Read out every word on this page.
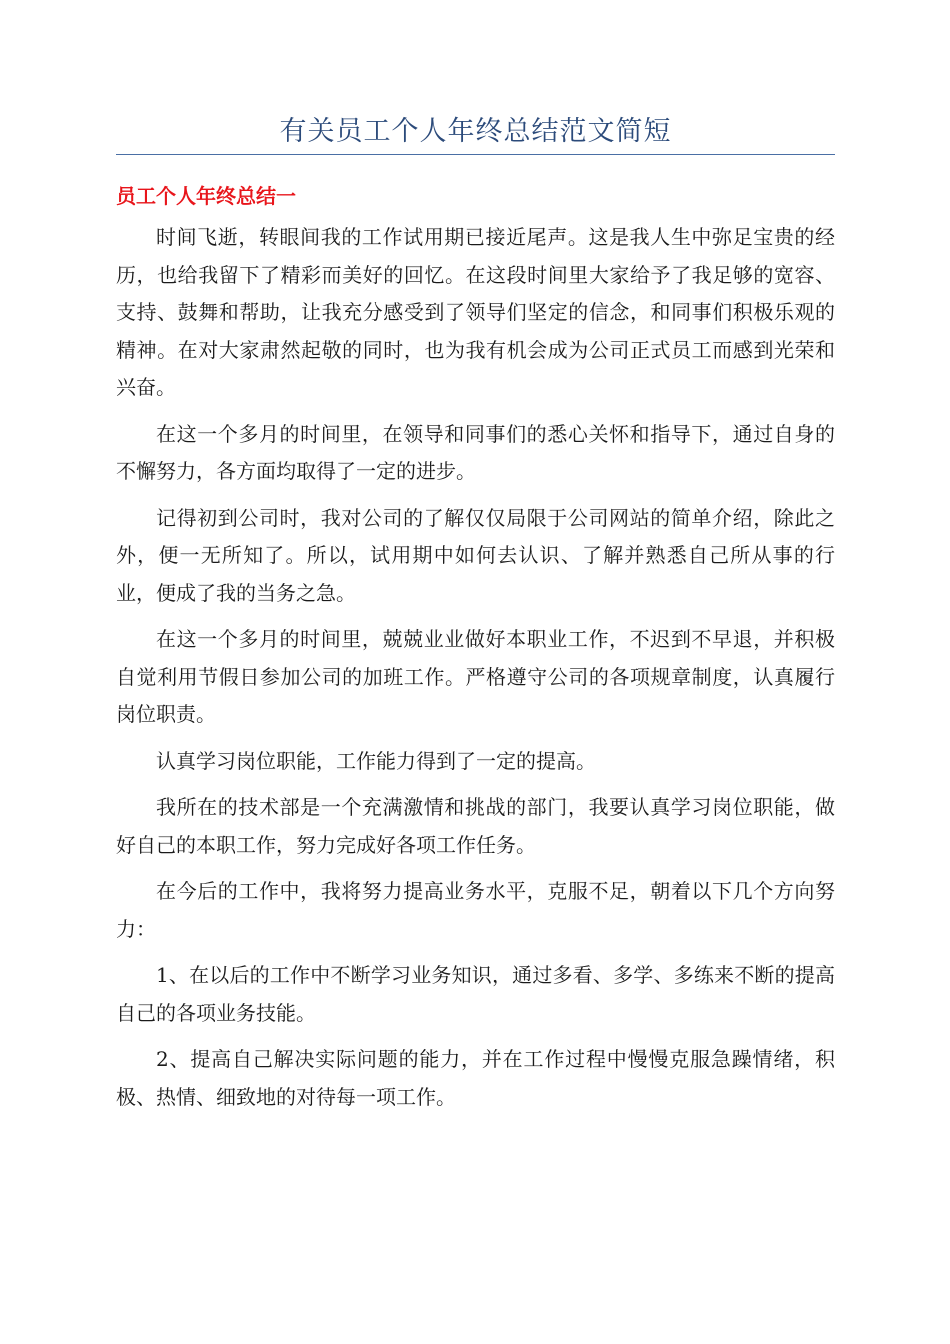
有关员工个人年终总结范文简短
员工个人年终总结一

时间飞逝，转眼间我的工作试用期已接近尾声。这是我人生中弥足宝贵的经历，也给我留下了精彩而美好的回忆。在这段时间里大家给予了我足够的宽容、支持、鼓舞和帮助，让我充分感受到了领导们坚定的信念，和同事们积极乐观的精神。在对大家肃然起敬的同时，也为我有机会成为公司正式员工而感到光荣和兴奋。

在这一个多月的时间里，在领导和同事们的悉心关怀和指导下，通过自身的不懈努力，各方面均取得了一定的进步。

记得初到公司时，我对公司的了解仅仅局限于公司网站的简单介绍，除此之外，便一无所知了。所以，试用期中如何去认识、了解并熟悉自己所从事的行业，便成了我的当务之急。

在这一个多月的时间里，兢兢业业做好本职业工作，不迟到不早退，并积极自觉利用节假日参加公司的加班工作。严格遵守公司的各项规章制度，认真履行岗位职责。

认真学习岗位职能，工作能力得到了一定的提高。

我所在的技术部是一个充满激情和挑战的部门，我要认真学习岗位职能，做好自己的本职工作，努力完成好各项工作任务。

在今后的工作中，我将努力提高业务水平，克服不足，朝着以下几个方向努力：

1、在以后的工作中不断学习业务知识，通过多看、多学、多练来不断的提高自己的各项业务技能。

2、提高自己解决实际问题的能力，并在工作过程中慢慢克服急躁情绪，积极、热情、细致地的对待每一项工作。
